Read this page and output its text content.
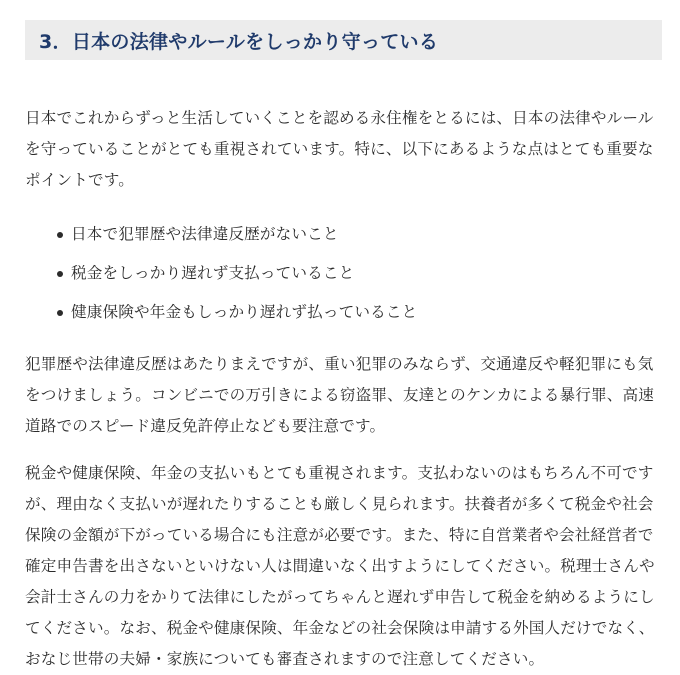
3．日本の法律やルールをしっかり守っている

日本でこれからずっと生活していくことを認める永住権をとるには、日本の法律やルールを守っていることがとても重視されています。特に、以下にあるような点はとても重要なポイントです。

日本で犯罪歴や法律違反歴がないこと
税金をしっかり遅れず支払っていること
健康保険や年金もしっかり遅れず払っていること

犯罪歴や法律違反歴はあたりまえですが、重い犯罪のみならず、交通違反や軽犯罪にも気をつけましょう。コンビニでの万引きによる窃盗罪、友達とのケンカによる暴行罪、高速道路でのスピード違反免許停止なども要注意です。

税金や健康保険、年金の支払いもとても重視されます。支払わないのはもちろん不可ですが、理由なく支払いが遅れたりすることも厳しく見られます。扶養者が多くて税金や社会保険の金額が下がっている場合にも注意が必要です。また、特に自営業者や会社経営者で確定申告書を出さないといけない人は間違いなく出すようにしてください。税理士さんや会計士さんの力をかりて法律にしたがってちゃんと遅れず申告して税金を納めるようにしてください。なお、税金や健康保険、年金などの社会保険は申請する外国人だけでなく、おなじ世帯の夫婦・家族についても審査されますので注意してください。
